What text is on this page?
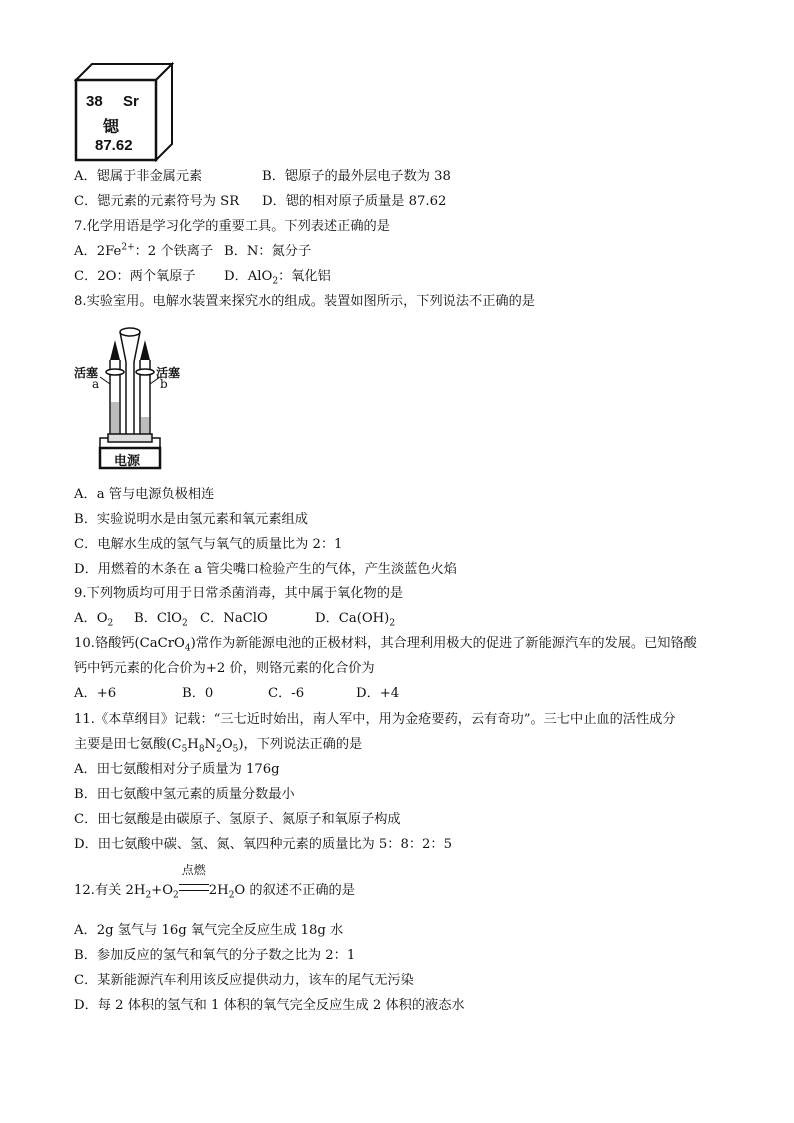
38 Sr
锶
87.62
A．锶属于非金属元素	B．锶原子的最外层电子数为 38
C．锶元素的元素符号为 SR D．锶的相对原子质量是 87.62
7.化学用语是学习化学的重要工具。下列表述正确的是
A．$2Fe^{2+}$：2 个铁离子 B．N：氮分子
C．2O：两个氧原子 D．AlO$_2$：氧化铝
8.实验室用。电解水装置来探究水的组成。装置如图所示，下列说法不正确的是
活塞	活塞
a	b
电源
A．a 管与电源负极相连
B．实验说明水是由氢元素和氧元素组成
C．电解水生成的氢气与氧气的质量比为 2：1
D．用燃着的木条在 a 管尖嘴口检验产生的气体，产生淡蓝色火焰
9.下列物质均可用于日常杀菌消毒，其中属于氧化物的是
A．$O_2$ B．ClO$_2$ C．NaClO	D．$Ca(OH)_2$
10.铬酸钙(CaCrO$_4$)常作为新能源电池的正极材料，其合理利用极大的促进了新能源汽车的发展。已知铬酸
钙中钙元素的化合价为+2 价，则铬元素的化合价为
A．+6	B．0	C．-6	D．+4
11.《本草纲目》记载：“三七近时始出，南人军中，用为金疮要药，云有奇功”。三七中止血的活性成分
主要是田七氨酸$(C_5H_8N_2O_5)$，下列说法正确的是
A．田七氨酸相对分子质量为 176g
B．田七氨酸中氢元素的质量分数最小
C．田七氨酸是由碳原子、氢原子、氮原子和氧原子构成
D．田七氨酸中碳、氢、氮、氧四种元素的质量比为 5：8：2：5
12.有关 $2H_2+O_2$
点燃
$2H_2O$ 的叙述不正确的是
A．2g 氢气与 16g 氧气完全反应生成 18g 水
B．参加反应的氢气和氧气的分子数之比为 2：1
C．某新能源汽车利用该反应提供动力，该车的尾气无污染
D．每 2 体积的氢气和 1 体积的氧气完全反应生成 2 体积的液态水
